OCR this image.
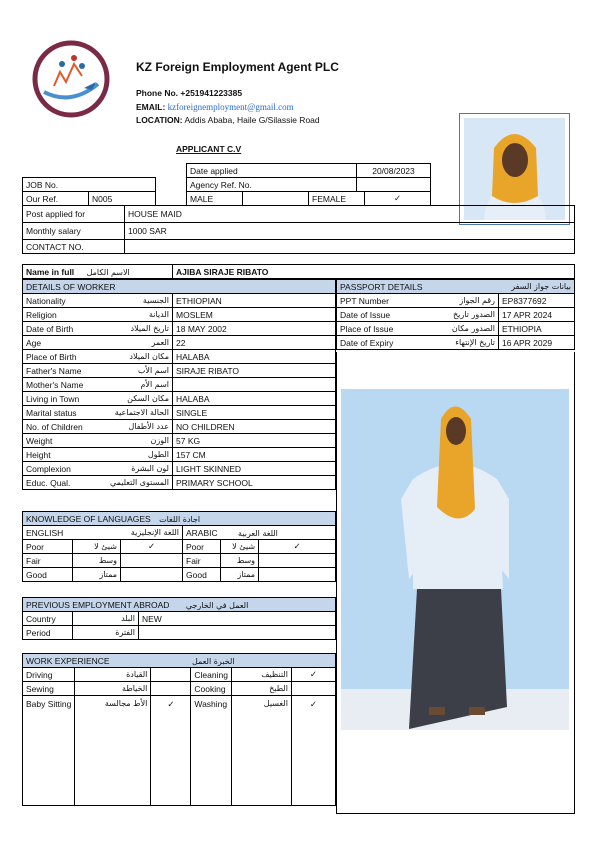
KZ Foreign Employment Agent PLC
Phone No. +251941223385
EMAIL: kzforeignemployment@gmail.com
LOCATION: Addis Ababa, Haile G/Silassie Road
APPLICANT C.V
Date applied	20/08/2023
Agency Ref. No.	
JOB No.
Our Ref.	N005	MALE		FEMALE	✓
Post applied for	HOUSE MAID
Monthly salary	1000 SAR
CONTACT NO.	
Name in full الاسم الكامل	AJIBA SIRAJE RIBATO
DETAILS OF WORKER	
Nationality الجنسية	ETHIOPIAN
Religion الديانة	MOSLEM
Date of Birth تاريخ الميلاد	18 MAY 2002
Age العمر	22
Place of Birth مكان الميلاد	HALABA
Father's Name اسم الأب	SIRAJE RIBATO
Mother's Name اسم الأم	

Living in Town مكان السكن	HALABA
Marital status الحالة الاجتماعية	SINGLE
No. of Children عدد الأطفال	NO CHILDREN
Weight الوزن	57 KG
Height الطول	157 CM
Complexion لون البشرة	LIGHT SKINNED
Educ. Qual. المستوى التعليمي	PRIMARY SCHOOL
PASSPORT DETAILS بيانات جواز السفر	

PPT Number رقم الجواز	EP8377692
Date of Issue الصدور تاريخ	17 APR 2024
Place of Issue الصدور مكان	ETHIOPIA
Date of Expiry تاريخ الإنتهاء	16 APR 2029
KNOWLEDGE OF LANGUAGES اجادة اللغات					
ENGLISH اللغة الإنجليزية			ARABIC اللغة العربية		
Poor	شيئ لا	✓	Poor	شيئ لا	✓
Fair	وسط		Fair	وسط	
Good	ممتاز		Good	ممتاز	
PREVIOUS EMPLOYMENT ABROAD العمل في الخارجي		
Country	البلد	NEW
Period	الفترة	
WORK EXPERIENCE الخبرة العمل					
Driving	القيادة		Cleaning	التنظيف	✓
Sewing	الخياطة		Cooking	الطبخ	
Baby Sitting	الأط مجالسة	✓	Washing	الغسيل	✓
